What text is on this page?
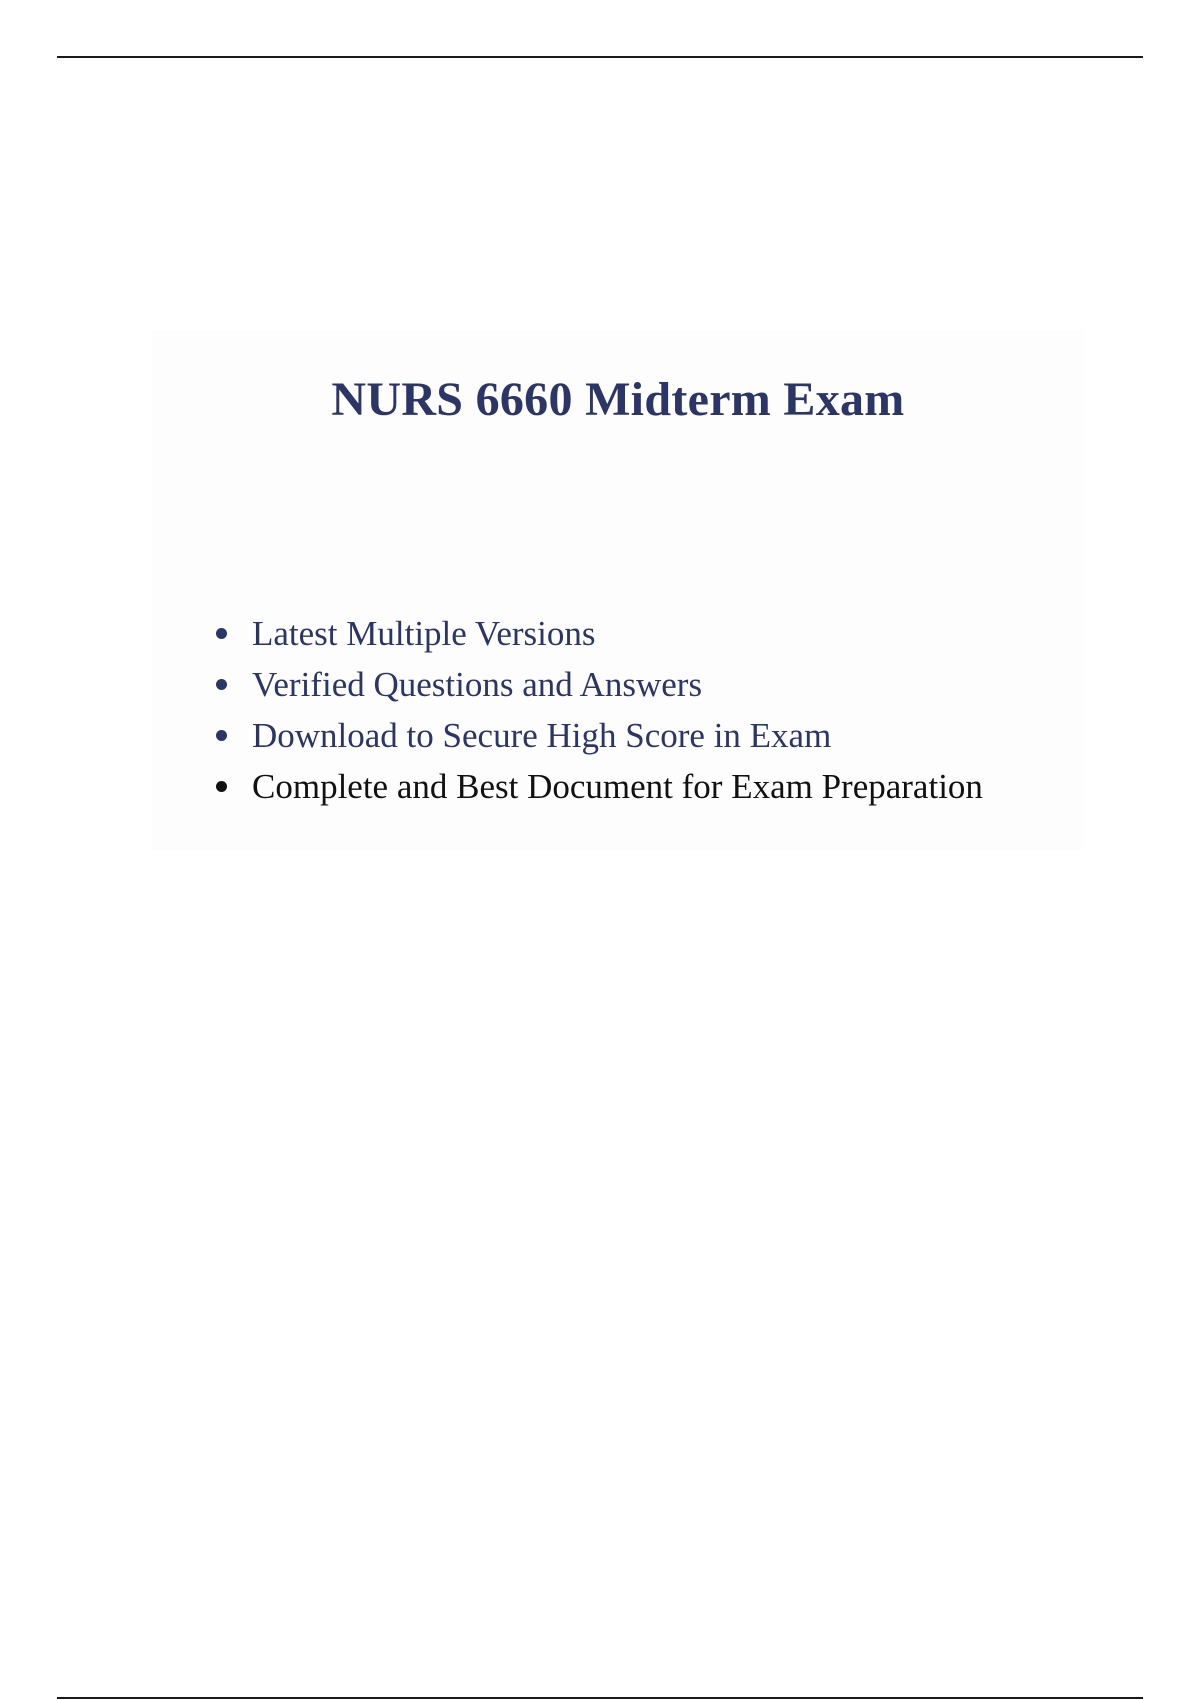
NURS 6660 Midterm Exam
Latest Multiple Versions
Verified Questions and Answers
Download to Secure High Score in Exam
Complete and Best Document for Exam Preparation
